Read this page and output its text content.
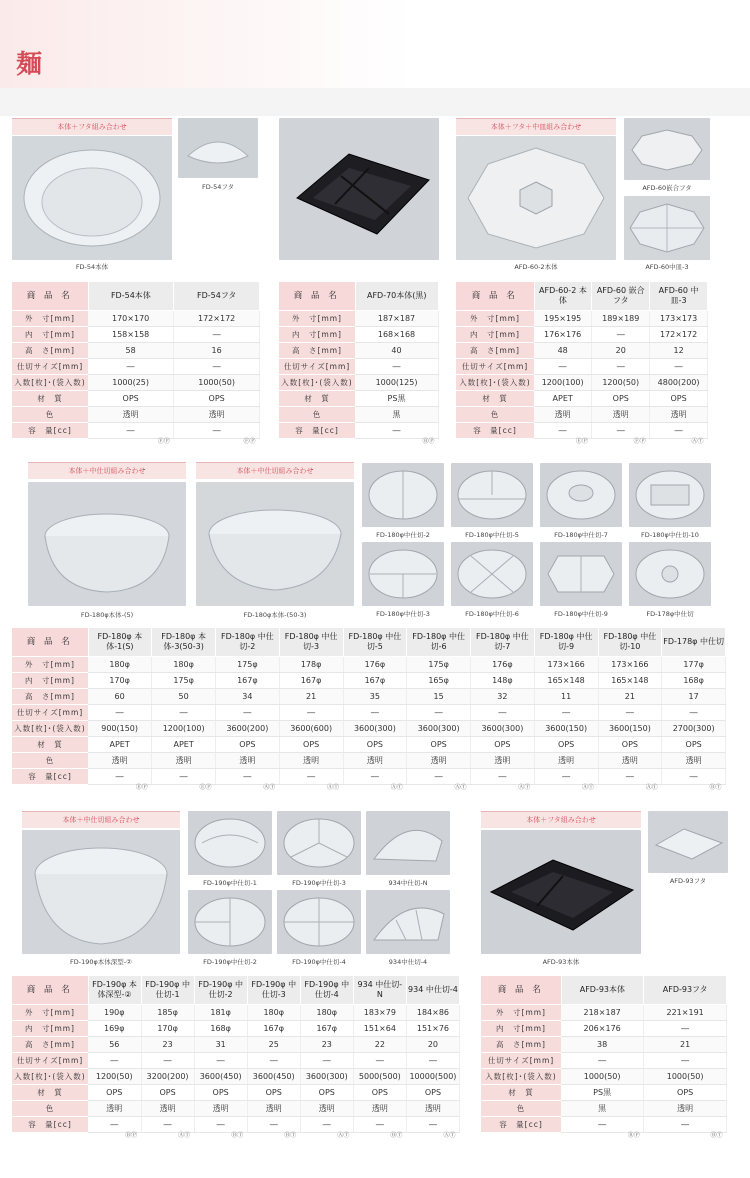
麺
本体＋フタ組み合わせ
FD-54本体
FD-54フタ
本体＋フタ＋中皿組み合わせ
AFD-60-2本体
AFD-60嵌合フタ
AFD-60中皿-3
商 品 名	FD-54本体	FD-54フタ
外　寸[mm]	170×170	172×172
内　寸[mm]	158×158	―
高　さ[mm]	58	16
仕切サイズ[mm]	―	―
入数[枚]･(袋入数)	1000(25)	1000(50)
材　質	OPS	OPS
色	透明	透明
容　量[cc]	―	―
ⒻⓅ	ⒻⓅ
商 品 名	AFD-70本体(黒)
外　寸[mm]	187×187
内　寸[mm]	168×168
高　さ[mm]	40
仕切サイズ[mm]	―
入数[枚]･(袋入数)	1000(125)
材　質	PS黒
色	黒
容　量[cc]	―
ⒷⓅ
商 品 名	AFD-60-2 本体	AFD-60 嵌合フタ	AFD-60 中皿-3
外　寸[mm]	195×195	189×189	173×173
内　寸[mm]	176×176	―	172×172
高　さ[mm]	48	20	12
仕切サイズ[mm]	―	―	―
入数[枚]･(袋入数)	1200(100)	1200(50)	4800(200)
材　質	APET	OPS	OPS
色	透明	透明	透明
容　量[cc]	―	―	―
ⒺⓅ	ⒻⓅ	ⒶⓉ
本体＋中仕切組み合わせ
FD-180φ本体-(5)
本体＋中仕切組み合わせ
FD-180φ本体-(50-3)
FD-180φ中仕切-2	FD-180φ中仕切-5	FD-180φ中仕切-7	FD-180φ中仕切-10
FD-180φ中仕切-3	FD-180φ中仕切-6	FD-180φ中仕切-9	FD-178φ中仕切
商 品 名	FD-180φ 本体-1(S)	FD-180φ 本体-3(50-3)	FD-180φ 中仕切-2	FD-180φ 中仕切-3	FD-180φ 中仕切-5	FD-180φ 中仕切-6	FD-180φ 中仕切-7	FD-180φ 中仕切-9	FD-180φ 中仕切-10	FD-178φ 中仕切
外　寸[mm]	180φ	180φ	175φ	178φ	176φ	175φ	176φ	173×166	173×166	177φ
内　寸[mm]	170φ	175φ	167φ	167φ	167φ	165φ	148φ	165×148	165×148	168φ
高　さ[mm]	60	50	34	21	35	15	32	11	21	17
仕切サイズ[mm]	―	―	―	―	―	―	―	―	―	―
入数[枚]･(袋入数)	900(150)	1200(100)	3600(200)	3600(600)	3600(300)	3600(300)	3600(300)	3600(150)	3600(150)	2700(300)
材　質	APET	APET	OPS	OPS	OPS	OPS	OPS	OPS	OPS	OPS
色	透明	透明	透明	透明	透明	透明	透明	透明	透明	透明
容　量[cc]	―	―	―	―	―	―	―	―	―	―
ⒺⓅ	ⒺⓅ	ⒶⓉ	ⒶⓉ	ⒶⓉ	ⒶⓉ	ⒶⓉ	ⒶⓉ	ⒶⓉ	ⒷⓉ
本体＋中仕切組み合わせ
FD-190φ本体深型-②
FD-190φ中仕切-1	FD-190φ中仕切-3	934中仕切-N
FD-190φ中仕切-2	FD-190φ中仕切-4	934中仕切-4
本体＋フタ組み合わせ
AFD-93本体
AFD-93フタ
商 品 名	FD-190φ 本体深型-②	FD-190φ 中仕切-1	FD-190φ 中仕切-2	FD-190φ 中仕切-3	FD-190φ 中仕切-4	934 中仕切-N	934 中仕切-4
外　寸[mm]	190φ	185φ	181φ	180φ	180φ	183×79	184×86
内　寸[mm]	169φ	170φ	168φ	167φ	167φ	151×64	151×76
高　さ[mm]	56	23	31	25	23	22	20
仕切サイズ[mm]	―	―	―	―	―	―	―
入数[枚]･(袋入数)	1200(50)	3200(200)	3600(450)	3600(450)	3600(300)	5000(500)	10000(500)
材　質	OPS	OPS	OPS	OPS	OPS	OPS	OPS
色	透明	透明	透明	透明	透明	透明	透明
容　量[cc]	―	―	―	―	―	―	―
ⒷⓅ	ⒶⓉ	ⒷⓉ	ⒷⓉ	ⒶⓉ	ⒷⓉ	ⒶⓉ
商 品 名	AFD-93本体	AFD-93フタ
外　寸[mm]	218×187	221×191
内　寸[mm]	206×176	―
高　さ[mm]	38	21
仕切サイズ[mm]	―	―
入数[枚]･(袋入数)	1000(50)	1000(50)
材　質	PS黒	OPS
色	黒	透明
容　量[cc]	―	―
ⒷⓅ	ⒷⓉ
